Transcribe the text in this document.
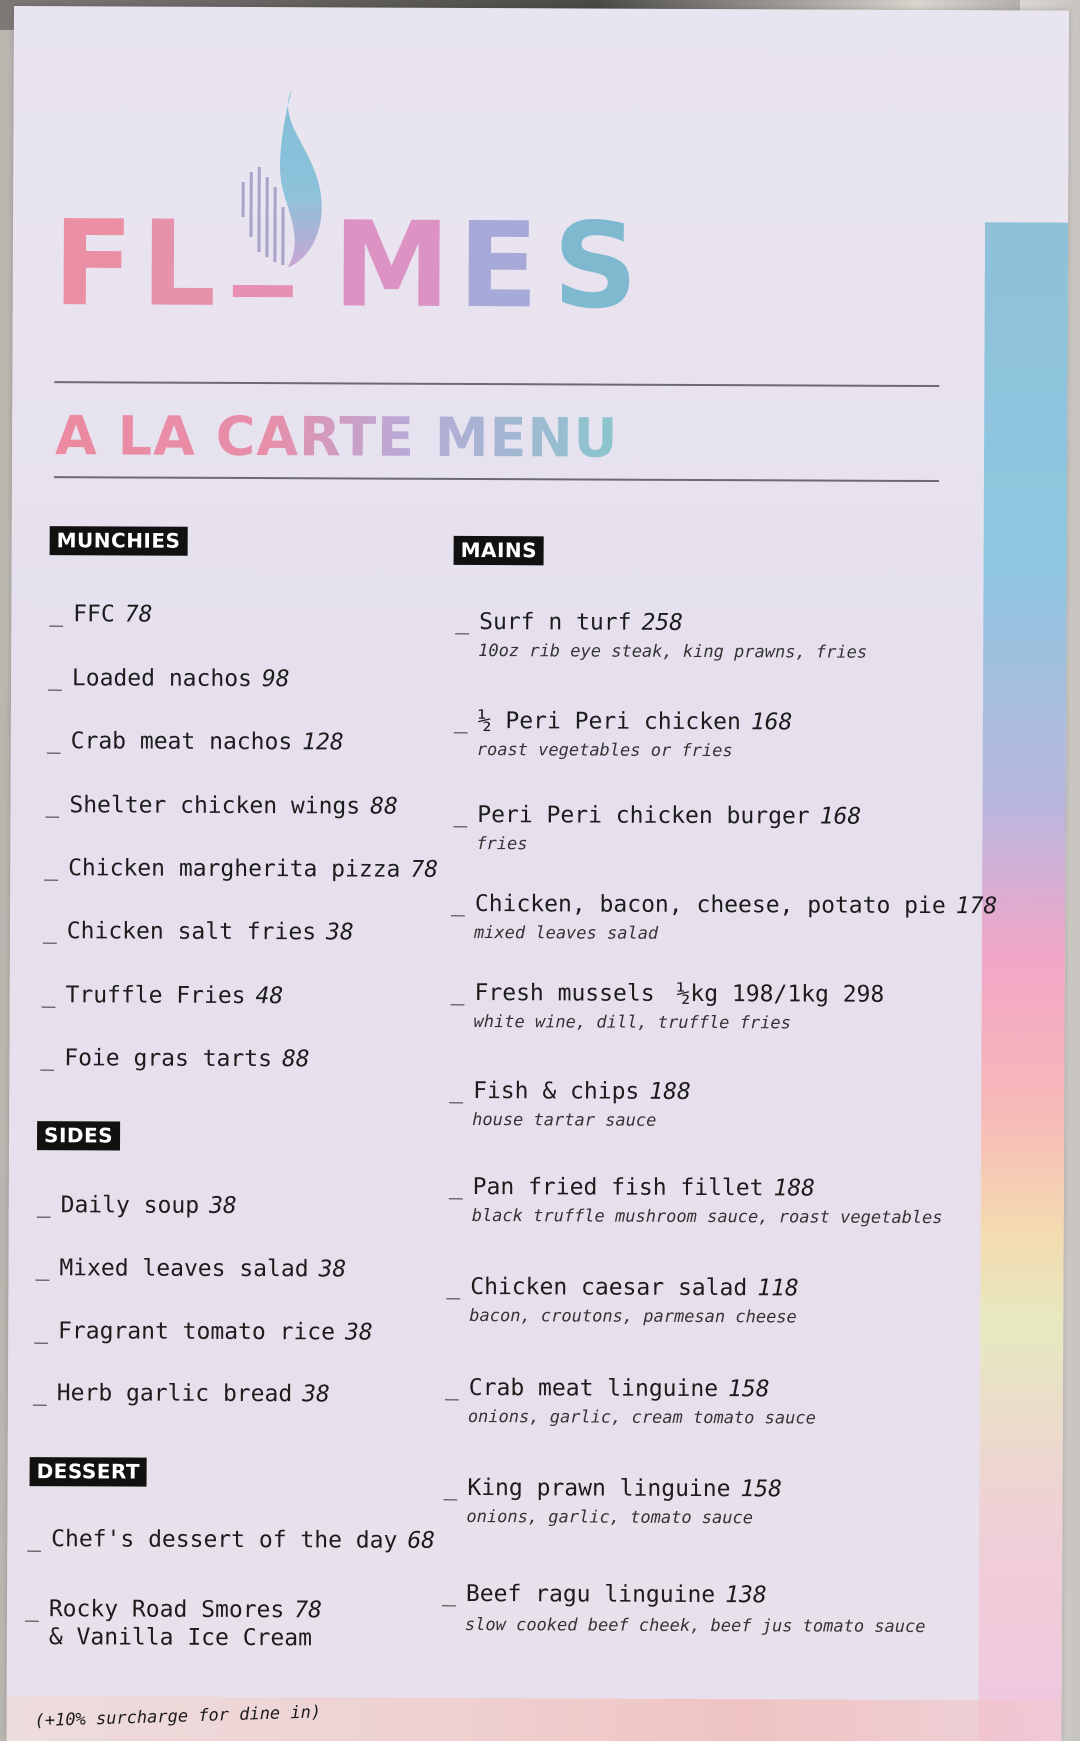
F
L M
E
S
A LA CARTE MENU
MUNCHIES
_ FFC 78
_ Loaded nachos 98
_ Crab meat nachos 128
_ Shelter chicken wings 88
_ Chicken margherita pizza 78
_ Chicken salt fries 38
_ Truffle Fries 48
_ Foie gras tarts 88
SIDES
_ Daily soup 38
_ Mixed leaves salad 38
_ Fragrant tomato rice 38
_ Herb garlic bread 38
DESSERT
_ Chef's dessert of the day 68
_ Rocky Road Smores 78
& Vanilla Ice Cream
MAINS
_ Surf n turf 258
10oz rib eye steak, king prawns, fries
_ ½ Peri Peri chicken 168
roast vegetables or fries
_ Peri Peri chicken burger 168
fries
_ Chicken, bacon, cheese, potato pie 178
mixed leaves salad
_ Fresh mussels ½kg 198/1kg 298
white wine, dill, truffle fries
_ Fish & chips 188
house tartar sauce
_ Pan fried fish fillet 188
black truffle mushroom sauce, roast vegetables
_ Chicken caesar salad 118
bacon, croutons, parmesan cheese
_ Crab meat linguine 158
onions, garlic, cream tomato sauce
_ King prawn linguine 158
onions, garlic, tomato sauce
_ Beef ragu linguine 138
slow cooked beef cheek, beef jus tomato sauce
(+10% surcharge for dine in)
